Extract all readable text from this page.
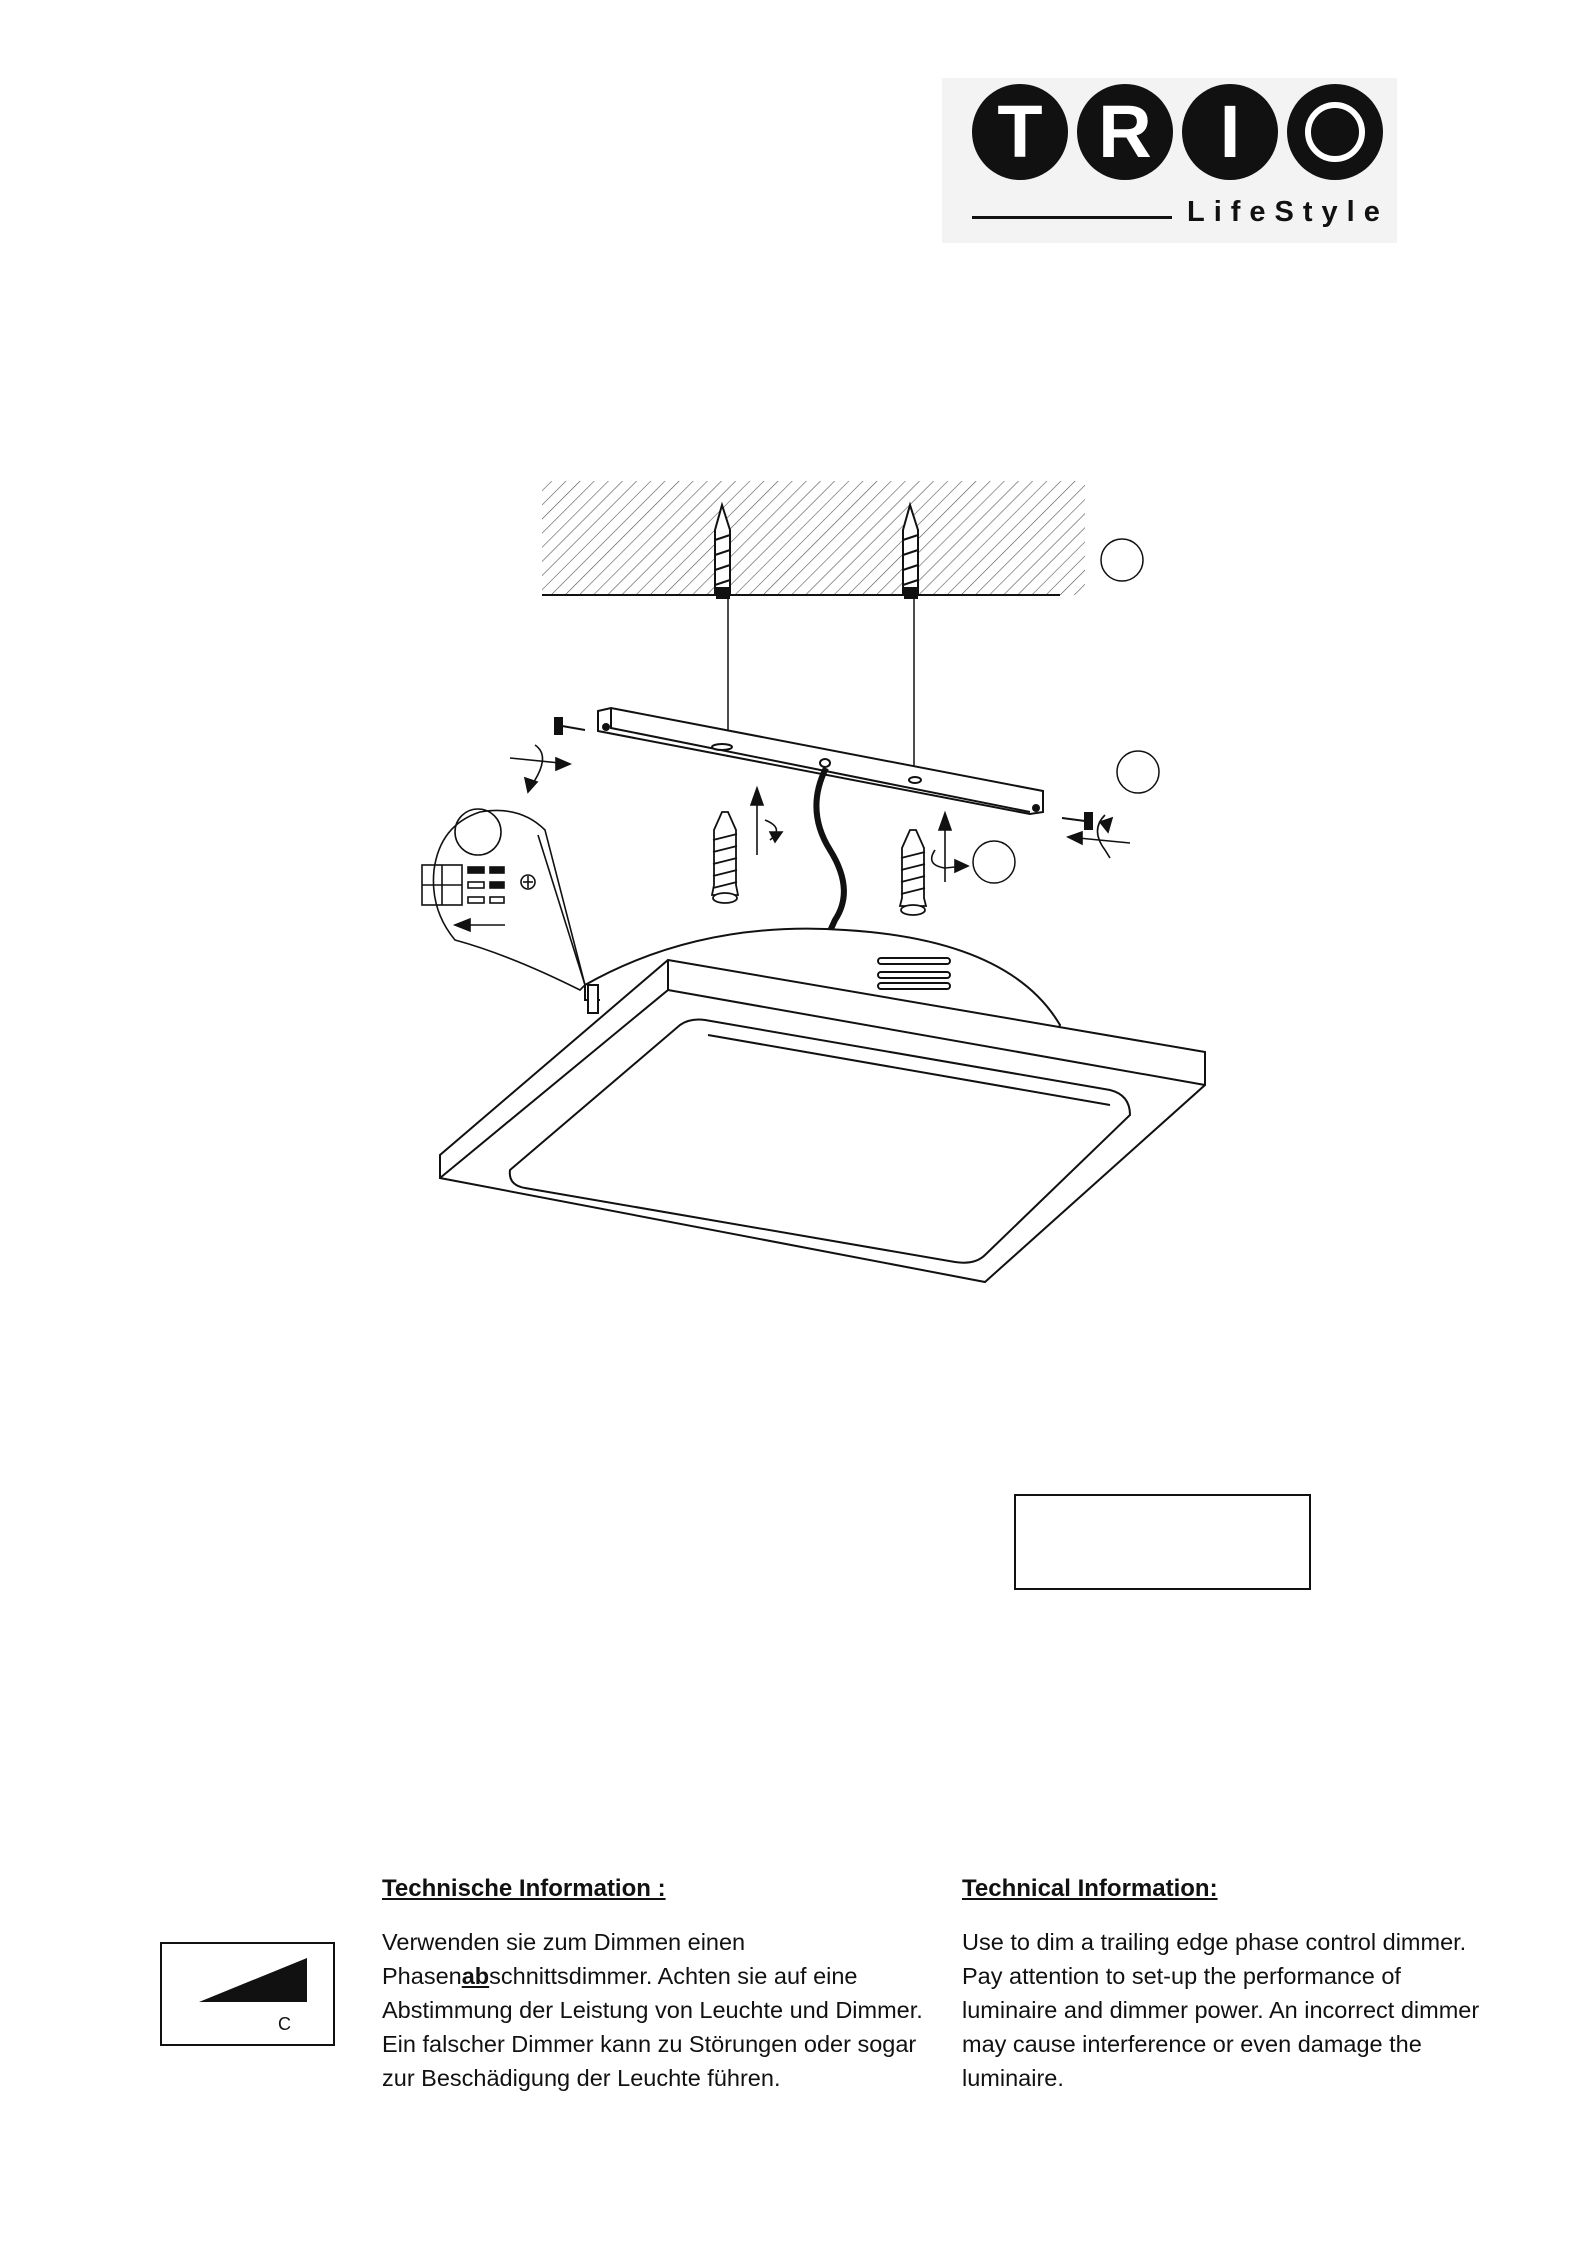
T R I
LifeStyle
C
Technische Information :

Verwenden sie zum Dimmen einen Phasenabschnittsdimmer. Achten sie auf eine Abstimmung der Leistung von Leuchte und Dimmer. Ein falscher Dimmer kann zu Störungen oder sogar zur Beschädigung der Leuchte führen.

Technical Information:

Use to dim a trailing edge phase control dimmer. Pay attention to set-up the performance of luminaire and dimmer power. An incorrect dimmer may cause interference or even damage the luminaire.
